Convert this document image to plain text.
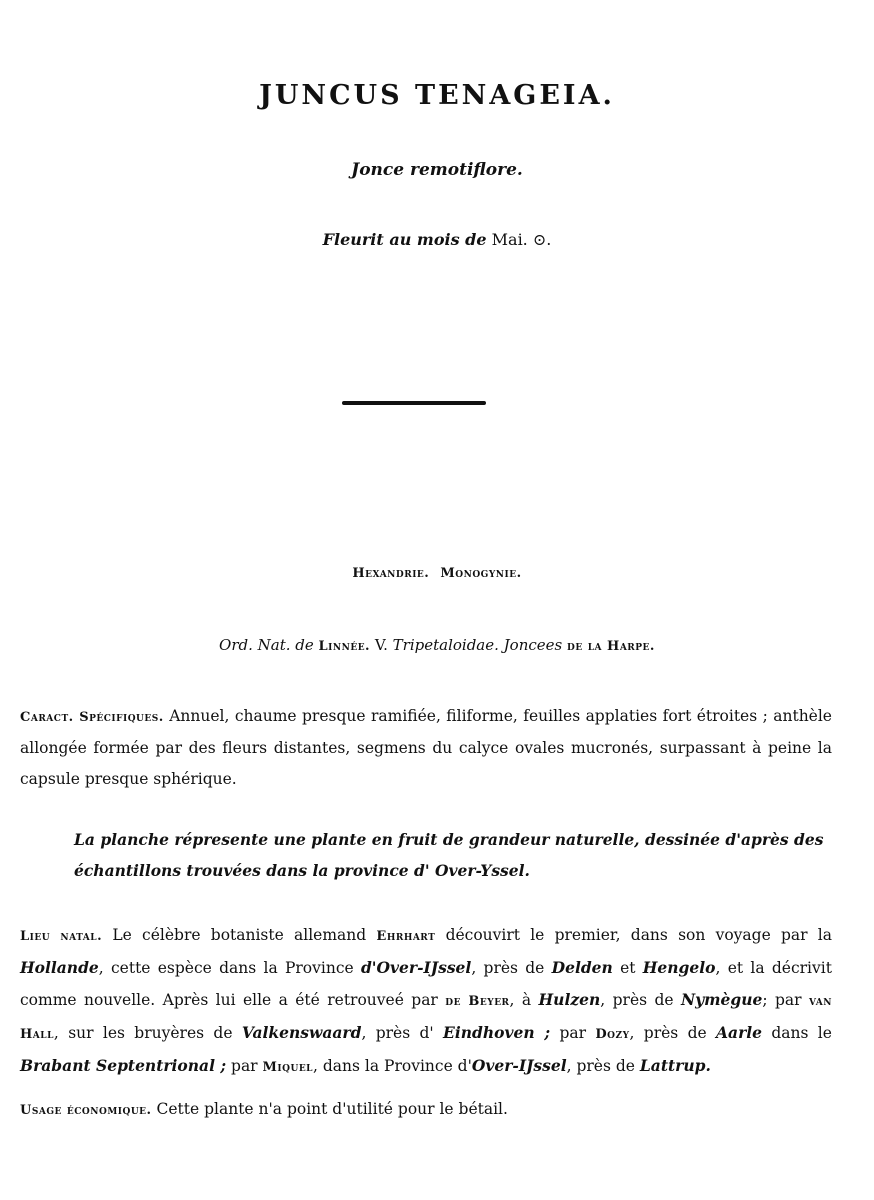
JUNCUS TENAGEIA.
Jonce remotiflore.
Fleurit au mois de Mai. ⊙.
Hexandrie. Monogynie.
Ord. Nat. de Linnée. V. Tripetaloidae. Joncees de la Harpe.
Caract. Spécifiques. Annuel, chaume presque ramifiée, filiforme, feuilles applaties fort étroites ; anthèle allongée formée par des fleurs distantes, segmens du calyce ovales mucronés, surpassant à peine la capsule presque sphérique.
La planche répresente une plante en fruit de grandeur naturelle, dessinée d'après des échantillons trouvées dans la province d' Over-Yssel.
Lieu natal. Le célèbre botaniste allemand Ehrhart découvirt le premier, dans son voyage par la Hollande, cette espèce dans la Province d'Over-IJssel, près de Delden et Hengelo, et la décrivit comme nouvelle. Après lui elle a été retrouveé par de Beyer, à Hulzen, près de Nymègue; par van Hall, sur les bruyères de Valkenswaard, près d' Eindhoven ; par Dozy, près de Aarle dans le Brabant Septentrional ; par Miquel, dans la Province d'Over-IJssel, près de Lattrup.
Usage économique. Cette plante n'a point d'utilité pour le bétail.
